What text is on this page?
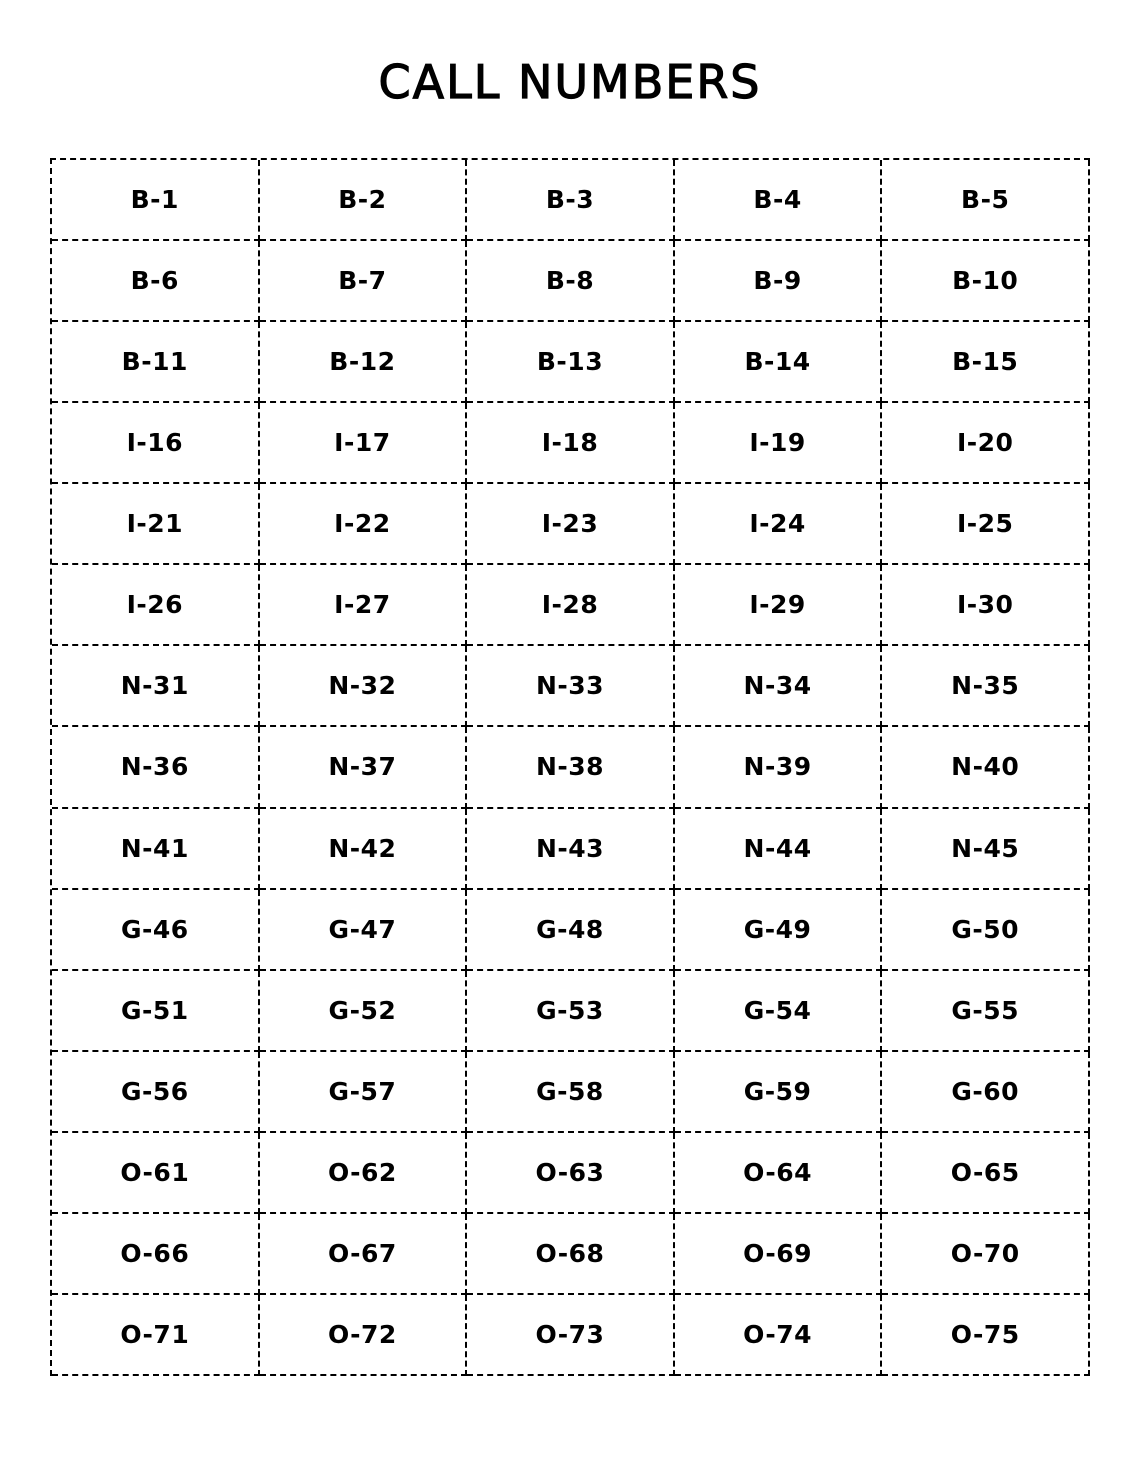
CALL NUMBERS
B-1	B-2	B-3	B-4	B-5
B-6	B-7	B-8	B-9	B-10
B-11	B-12	B-13	B-14	B-15
I-16	I-17	I-18	I-19	I-20
I-21	I-22	I-23	I-24	I-25
I-26	I-27	I-28	I-29	I-30
N-31	N-32	N-33	N-34	N-35
N-36	N-37	N-38	N-39	N-40
N-41	N-42	N-43	N-44	N-45
G-46	G-47	G-48	G-49	G-50
G-51	G-52	G-53	G-54	G-55
G-56	G-57	G-58	G-59	G-60
O-61	O-62	O-63	O-64	O-65
O-66	O-67	O-68	O-69	O-70
O-71	O-72	O-73	O-74	O-75
